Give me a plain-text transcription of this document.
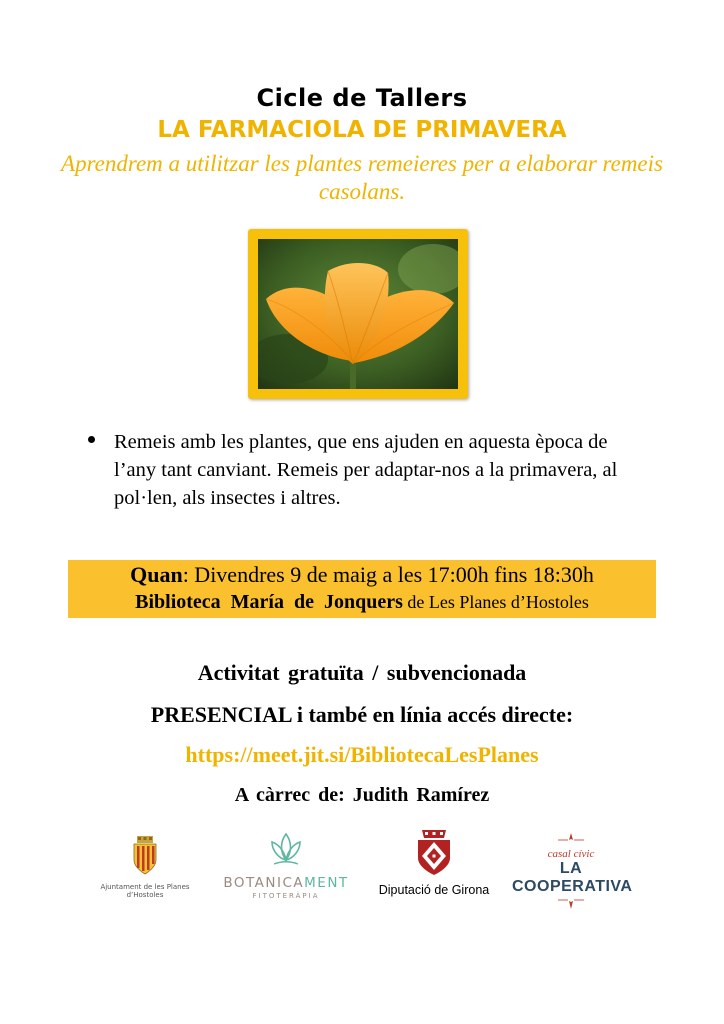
Cicle de Tallers
LA FARMACIOLA DE PRIMAVERA
Aprendrem a utilitzar les plantes remeieres per a elaborar remeis casolans.
Remeis amb les plantes, que ens ajuden en aquesta època de l’any tant canviant. Remeis per adaptar-nos a la primavera, al pol·len, als insectes i altres.
Quan: Divendres 9 de maig a les 17:00h fins 18:30h
Biblioteca María de Jonquers de Les Planes d’Hostoles
Activitat gratuïta / subvencionada
PRESENCIAL i també en línia accés directe:
https://meet.jit.si/BibliotecaLesPlanes
A càrrec de: Judith Ramírez
Ajuntament de les Planes d’Hostoles
BOTANICAMENT
FITOTERÀPIA	Diputació de Girona
casal cívic
LA COOPERATIVA
